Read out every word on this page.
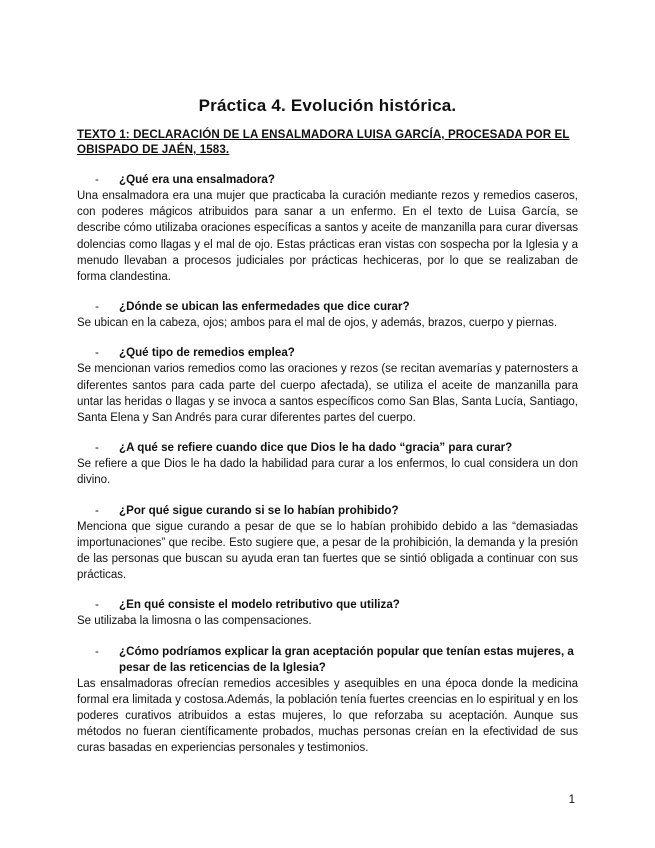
Práctica 4. Evolución histórica.
TEXTO 1: DECLARACIÓN DE LA ENSALMADORA LUISA GARCÍA, PROCESADA POR EL OBISPADO DE JAÉN, 1583.
- ¿Qué era una ensalmadora?
Una ensalmadora era una mujer que practicaba la curación mediante rezos y remedios caseros, con poderes mágicos atribuidos para sanar a un enfermo. En el texto de Luisa García, se describe cómo utilizaba oraciones específicas a santos y aceite de manzanilla para curar diversas dolencias como llagas y el mal de ojo. Estas prácticas eran vistas con sospecha por la Iglesia y a menudo llevaban a procesos judiciales por prácticas hechiceras, por lo que se realizaban de forma clandestina.
- ¿Dónde se ubican las enfermedades que dice curar?
Se ubican en la cabeza, ojos; ambos para el mal de ojos, y además, brazos, cuerpo y piernas.
- ¿Qué tipo de remedios emplea?
Se mencionan varios remedios como las oraciones y rezos (se recitan avemarías y paternosters a diferentes santos para cada parte del cuerpo afectada), se utiliza el aceite de manzanilla para untar las heridas o llagas y se invoca a santos específicos como San Blas, Santa Lucía, Santiago, Santa Elena y San Andrés para curar diferentes partes del cuerpo.
- ¿A qué se refiere cuando dice que Dios le ha dado “gracia” para curar?
Se refiere a que Dios le ha dado la habilidad para curar a los enfermos, lo cual considera un don divino.
- ¿Por qué sigue curando si se lo habían prohibido?
Menciona que sigue curando a pesar de que se lo habían prohibido debido a las “demasiadas importunaciones” que recibe. Esto sugiere que, a pesar de la prohibición, la demanda y la presión de las personas que buscan su ayuda eran tan fuertes que se sintió obligada a continuar con sus prácticas.
- ¿En qué consiste el modelo retributivo que utiliza?
Se utilizaba la limosna o las compensaciones.
- ¿Cómo podríamos explicar la gran aceptación popular que tenían estas mujeres, a pesar de las reticencias de la Iglesia?
Las ensalmadoras ofrecían remedios accesibles y asequibles en una época donde la medicina formal era limitada y costosa.Además, la población tenía fuertes creencias en lo espiritual y en los poderes curativos atribuidos a estas mujeres, lo que reforzaba su aceptación. Aunque sus métodos no fueran científicamente probados, muchas personas creían en la efectividad de sus curas basadas en experiencias personales y testimonios.
1
